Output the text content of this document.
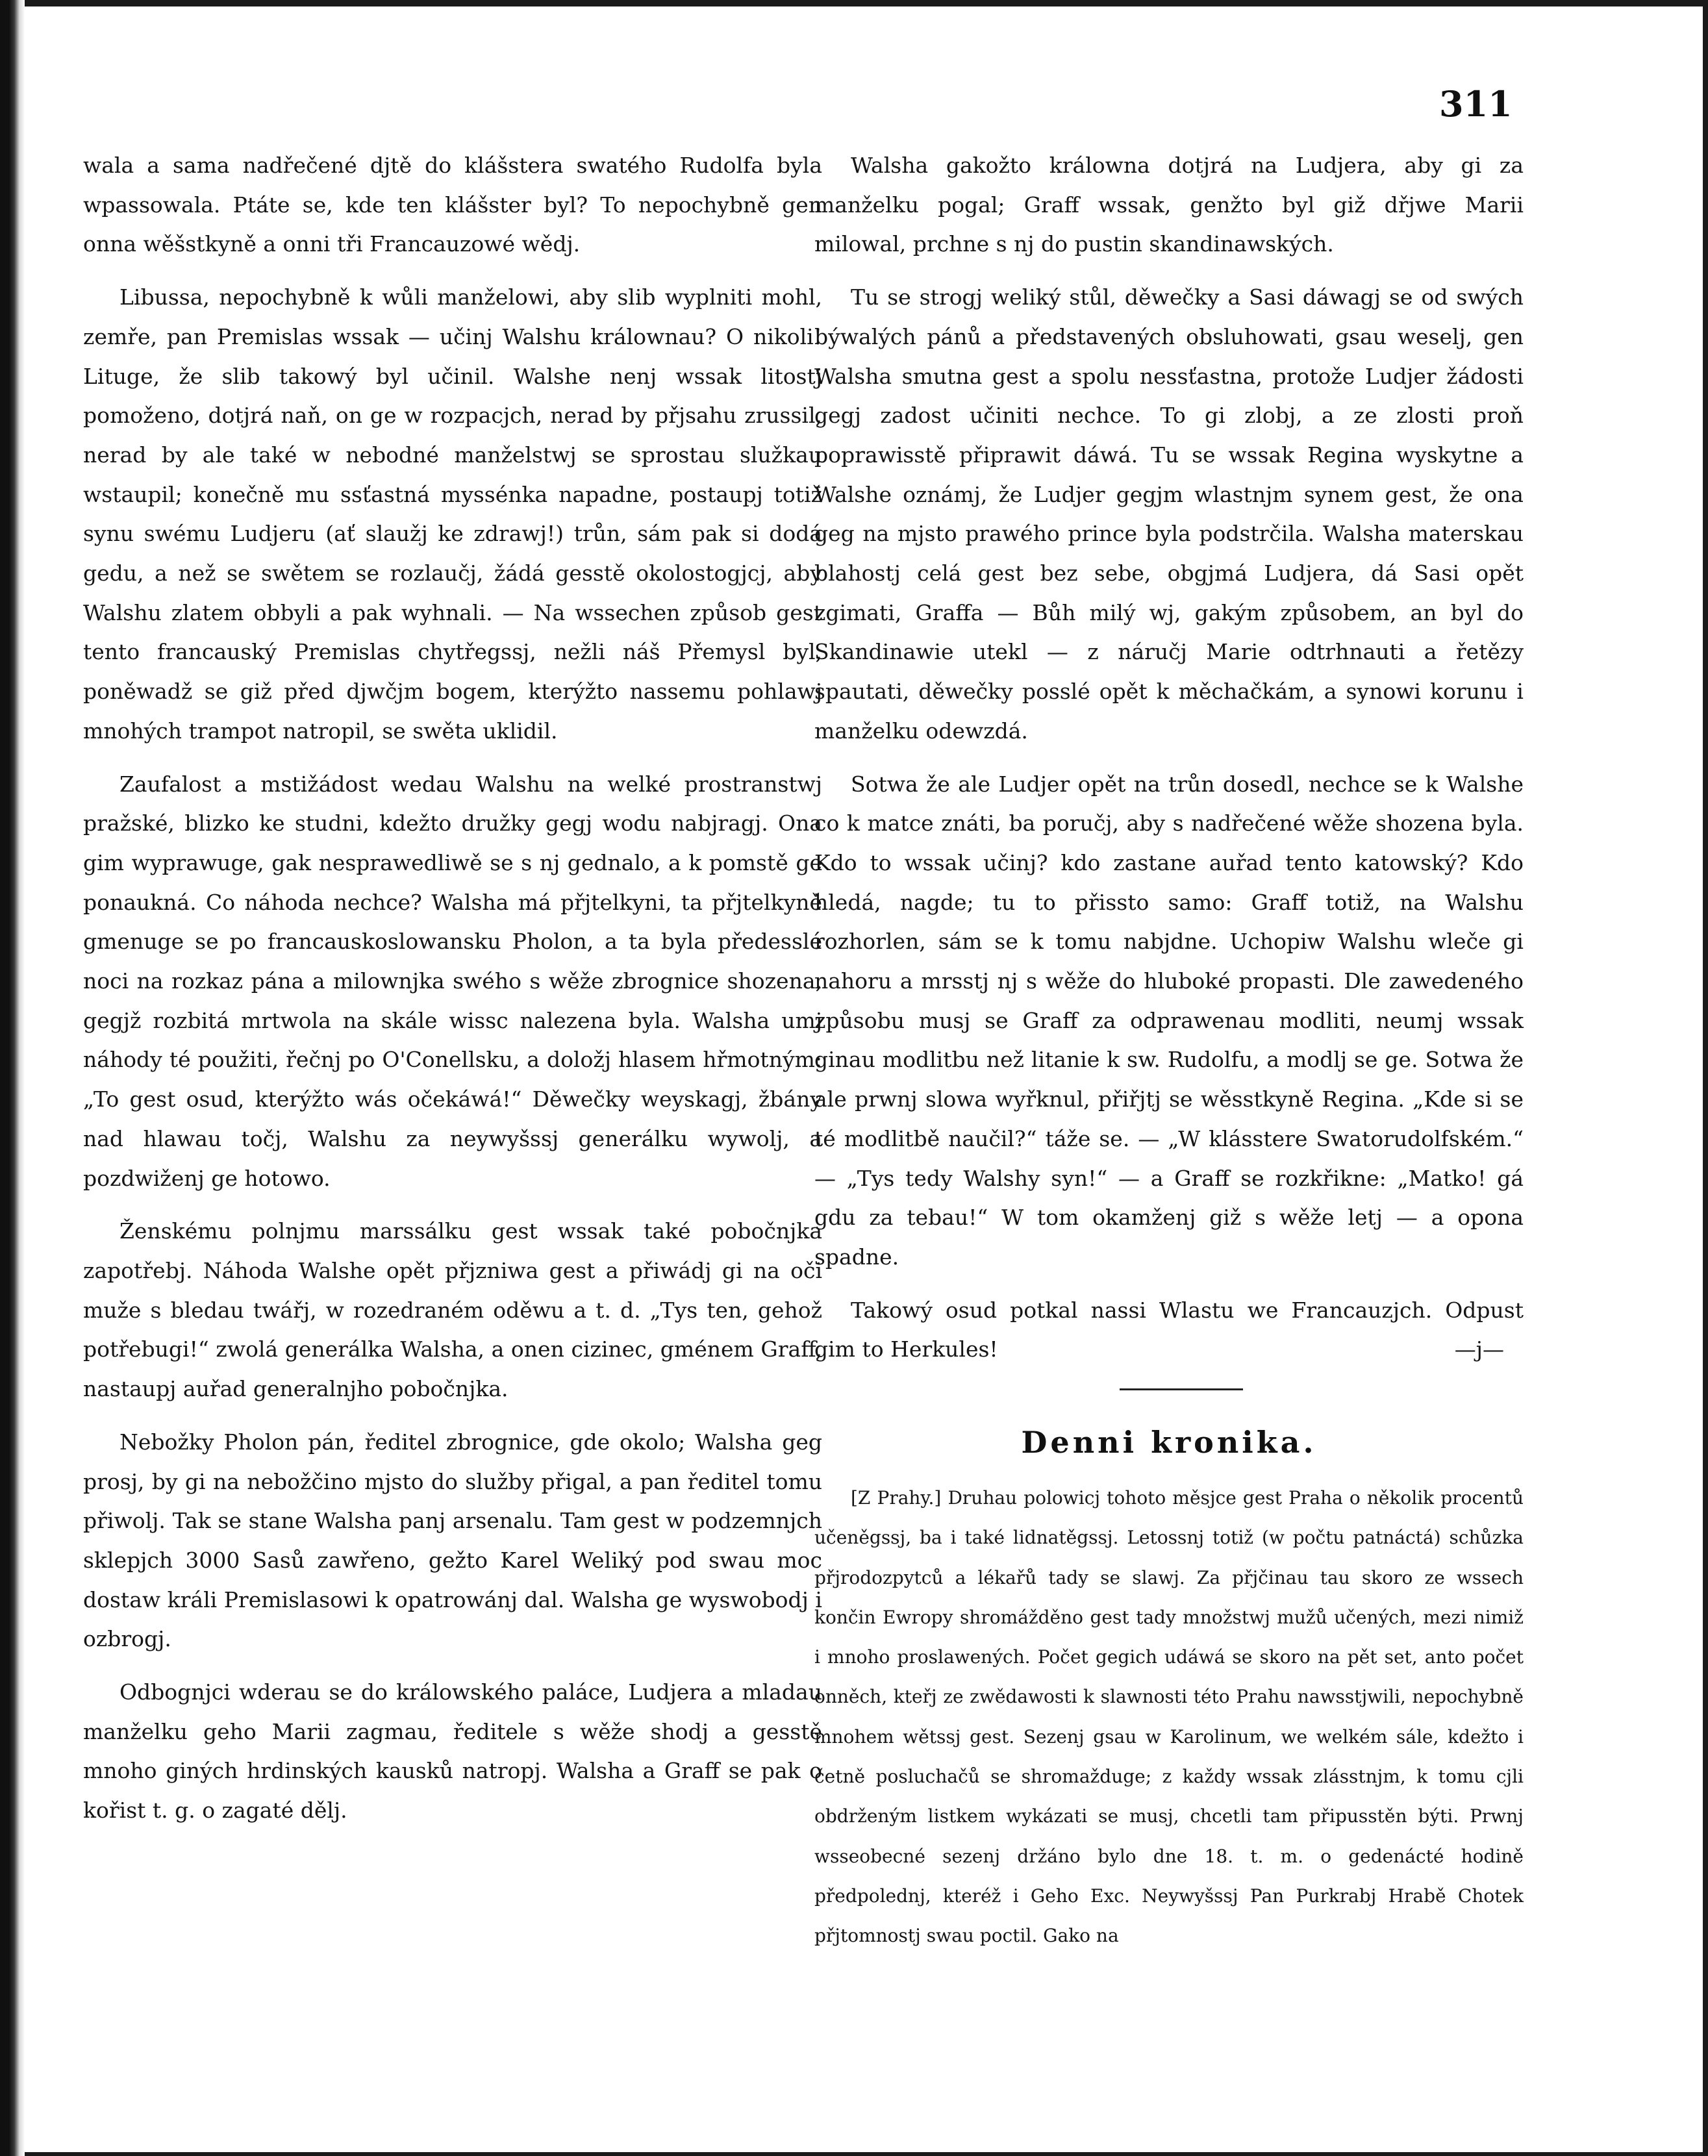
311

wala a sama nadřečené djtě do klášstera swatého Rudolfa byla wpassowala. Ptáte se, kde ten klášster byl? To nepochybně gen onna wěšstkyně a onni tři Francauzowé wědj.

Libussa, nepochybně k wůli manželowi, aby slib wyplniti mohl, zemře, pan Premislas wssak — učinj Walshu králownau? O nikoli! Lituge, že slib takowý byl učinil. Walshe nenj wssak litostj pomoženo, dotjrá naň, on ge w rozpacjch, nerad by přjsahu zrussil, nerad by ale také w nebodné manželstwj se sprostau služkau wstaupil; konečně mu ssťastná myssénka napadne, postaupj totiž synu swému Ludjeru (ať slaužj ke zdrawj!) trůn, sám pak si dodá gedu, a než se swětem se rozlaučj, žádá gesstě okolostogjcj, aby Walshu zlatem obbyli a pak wyhnali. — Na wssechen způsob gest tento francauský Premislas chytřegssj, nežli náš Přemysl byl, poněwadž se giž před djwčjm bogem, kterýžto nassemu pohlawj mnohých trampot natropil, se swěta uklidil.

Zaufalost a mstižádost wedau Walshu na welké prostranstwj pražské, blizko ke studni, kdežto družky gegj wodu nabjragj. Ona gim wyprawuge, gak nesprawedliwě se s nj gednalo, a k pomstě ge ponaukná. Co náhoda nechce? Walsha má přjtelkyni, ta přjtelkyně gmenuge se po francauskoslowansku Pholon, a ta byla předesslé noci na rozkaz pána a milownjka swého s wěže zbrognice shozena, gegjž rozbitá mrtwola na skále wissc nalezena byla. Walsha umj náhody té použiti, řečnj po O'Conellsku, a doložj hlasem hřmotným: „To gest osud, kterýžto wás očekáwá!“ Děwečky weyskagj, žbány nad hlawau točj, Walshu za neywyšssj generálku wywolj, a pozdwiženj ge hotowo.

Ženskému polnjmu marssálku gest wssak také pobočnjka zapotřebj. Náhoda Walshe opět přjzniwa gest a přiwádj gi na oči muže s bledau twářj, w rozedraném oděwu a t. d. „Tys ten, gehož potřebugi!“ zwolá generálka Walsha, a onen cizinec, gménem Graff, nastaupj auřad generalnjho pobočnjka.

Nebožky Pholon pán, ředitel zbrognice, gde okolo; Walsha geg prosj, by gi na nebožčino mjsto do služby přigal, a pan ředitel tomu přiwolj. Tak se stane Walsha panj arsenalu. Tam gest w podzemnjch sklepjch 3000 Sasů zawřeno, gežto Karel Weliký pod swau moc dostaw králi Premislasowi k opatrowánj dal. Walsha ge wyswobodj i ozbrogj.

Odbognjci wderau se do králowského paláce, Ludjera a mladau manželku geho Marii zagmau, ředitele s wěže shodj a gesstě mnoho giných hrdinských kausků natropj. Walsha a Graff se pak o kořist t. g. o zagaté dělj.

Walsha gakožto králowna dotjrá na Ludjera, aby gi za manželku pogal; Graff wssak, genžto byl giž dřjwe Marii milowal, prchne s nj do pustin skandinawských.

Tu se strogj weliký stůl, děwečky a Sasi dáwagj se od swých býwalých pánů a představených obsluhowati, gsau weselj, gen Walsha smutna gest a spolu nessťastna, protože Ludjer žádosti gegj zadost učiniti nechce. To gi zlobj, a ze zlosti proň poprawisstě připrawit dáwá. Tu se wssak Regina wyskytne a Walshe oznámj, že Ludjer gegjm wlastnjm synem gest, že ona geg na mjsto prawého prince byla podstrčila. Walsha materskau blahostj celá gest bez sebe, obgjmá Ludjera, dá Sasi opět zgimati, Graffa — Bůh milý wj, gakým způsobem, an byl do Skandinawie utekl — z náručj Marie odtrhnauti a řetězy spautati, děwečky posslé opět k měchačkám, a synowi korunu i manželku odewzdá.

Sotwa že ale Ludjer opět na trůn dosedl, nechce se k Walshe co k matce znáti, ba poručj, aby s nadřečené wěže shozena byla. Kdo to wssak učinj? kdo zastane auřad tento katowský? Kdo hledá, nagde; tu to přissto samo: Graff totiž, na Walshu rozhorlen, sám se k tomu nabjdne. Uchopiw Walshu wleče gi nahoru a mrsstj nj s wěže do hluboké propasti. Dle zawedeného způsobu musj se Graff za odprawenau modliti, neumj wssak ginau modlitbu než litanie k sw. Rudolfu, a modlj se ge. Sotwa že ale prwnj slowa wyřknul, přiřjtj se wěsstkyně Regina. „Kde si se té modlitbě naučil?“ táže se. — „W klásstere Swatorudolfském.“ — „Tys tedy Walshy syn!“ — a Graff se rozkřikne: „Matko! gá gdu za tebau!“ W tom okamženj giž s wěže letj — a opona spadne.

Takowý osud potkal nassi Wlastu we Francauzjch. Odpust gim to Herkules!	—j—

Denni kronika.

[Z Prahy.] Druhau polowicj tohoto měsjce gest Praha o několik procentů učeněgssj, ba i také lidnatěgssj. Letossnj totiž (w počtu patnáctá) schůzka přjrodozpytců a lékařů tady se slawj. Za přjčinau tau skoro ze wssech končin Ewropy shromážděno gest tady množstwj mužů učených, mezi nimiž i mnoho proslawených. Počet gegich udáwá se skoro na pět set, anto počet onněch, kteřj ze zwědawosti k slawnosti této Prahu nawsstjwili, nepochybně mnohem wětssj gest. Sezenj gsau w Karolinum, we welkém sále, kdežto i četně posluchačů se shromažduge; z každy wssak zlásstnjm, k tomu cjli obdrženým listkem wykázati se musj, chcetli tam připusstěn býti. Prwnj wsseobecné sezenj držáno bylo dne 18. t. m. o gedenácté hodině předpolednj, kteréž i Geho Exc. Neywyšssj Pan Purkrabj Hrabě Chotek přjtomnostj swau poctil. Gako na
